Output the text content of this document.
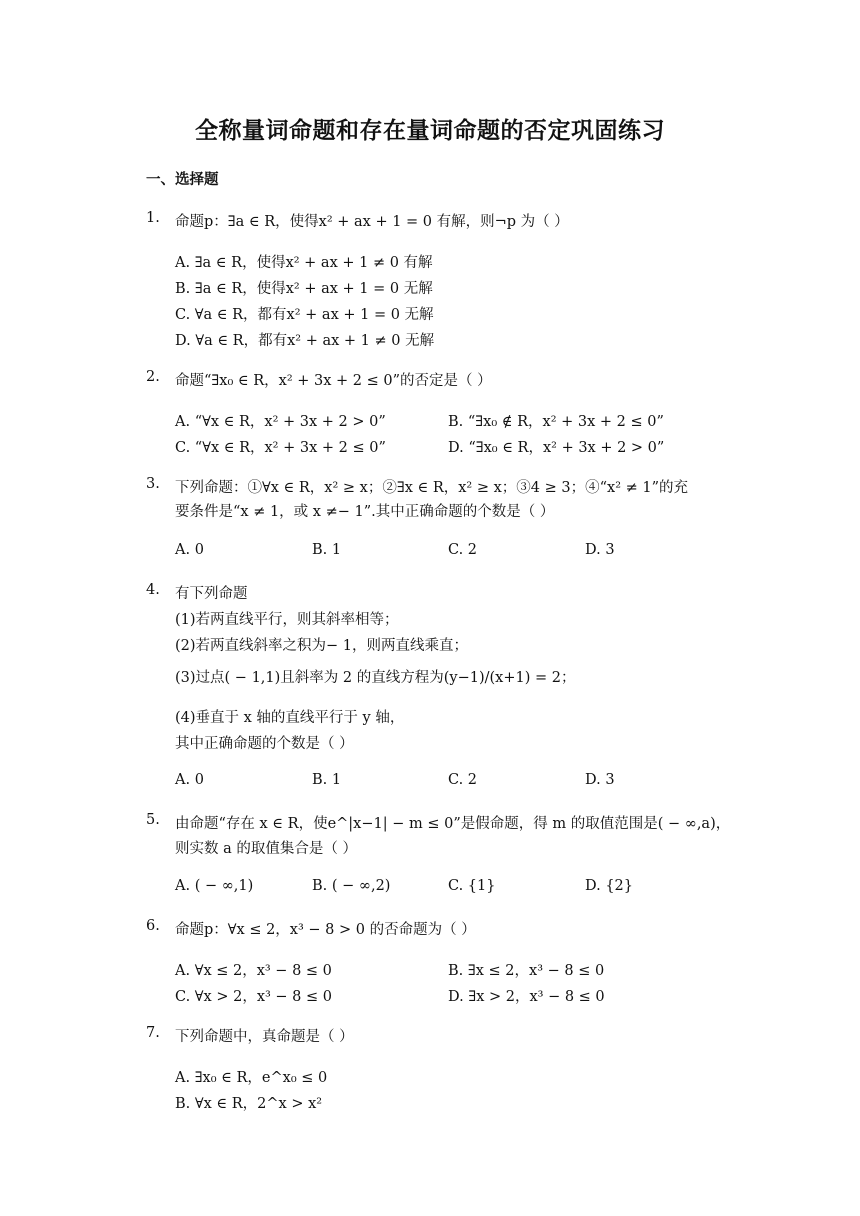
全称量词命题和存在量词命题的否定巩固练习
一、选择题
1. 命题p：∃a ∈ R，使得x² + ax + 1 = 0 有解，则¬p 为（ ）
A. ∃a ∈ R，使得x² + ax + 1 ≠ 0 有解
B. ∃a ∈ R，使得x² + ax + 1 = 0 无解
C. ∀a ∈ R，都有x² + ax + 1 = 0 无解
D. ∀a ∈ R，都有x² + ax + 1 ≠ 0 无解
2. 命题“∃x₀ ∈ R，x² + 3x + 2 ≤ 0”的否定是（ ）
A. “∀x ∈ R，x² + 3x + 2 > 0”	B. “∃x₀ ∉ R，x² + 3x + 2 ≤ 0”
C. “∀x ∈ R，x² + 3x + 2 ≤ 0”	D. “∃x₀ ∈ R，x² + 3x + 2 > 0”
3. 下列命题：①∀x ∈ R，x² ≥ x；②∃x ∈ R，x² ≥ x；③4 ≥ 3；④“x² ≠ 1”的充
要条件是“x ≠ 1，或 x ≠− 1”.其中正确命题的个数是（ ）
A. 0	B. 1	C. 2	D. 3
4. 有下列命题
(1)若两直线平行，则其斜率相等；
(2)若两直线斜率之积为− 1，则两直线乘直；
(3)过点( − 1,1)且斜率为 2 的直线方程为(y−1)/(x+1) = 2；
(4)垂直于 x 轴的直线平行于 y 轴，
其中正确命题的个数是（ ）
A. 0	B. 1	C. 2	D. 3
5. 由命题“存在 x ∈ R，使e^|x−1| − m ≤ 0”是假命题，得 m 的取值范围是( − ∞,a)，
则实数 a 的取值集合是（ ）
A. ( − ∞,1)	B. ( − ∞,2)	C. {1}	D. {2}
6. 命题p：∀x ≤ 2，x³ − 8 > 0 的否命题为（ ）
A. ∀x ≤ 2，x³ − 8 ≤ 0	B. ∃x ≤ 2，x³ − 8 ≤ 0
C. ∀x > 2，x³ − 8 ≤ 0	D. ∃x > 2，x³ − 8 ≤ 0
7. 下列命题中，真命题是（ ）
A. ∃x₀ ∈ R，e^x₀ ≤ 0
B. ∀x ∈ R，2^x > x²
